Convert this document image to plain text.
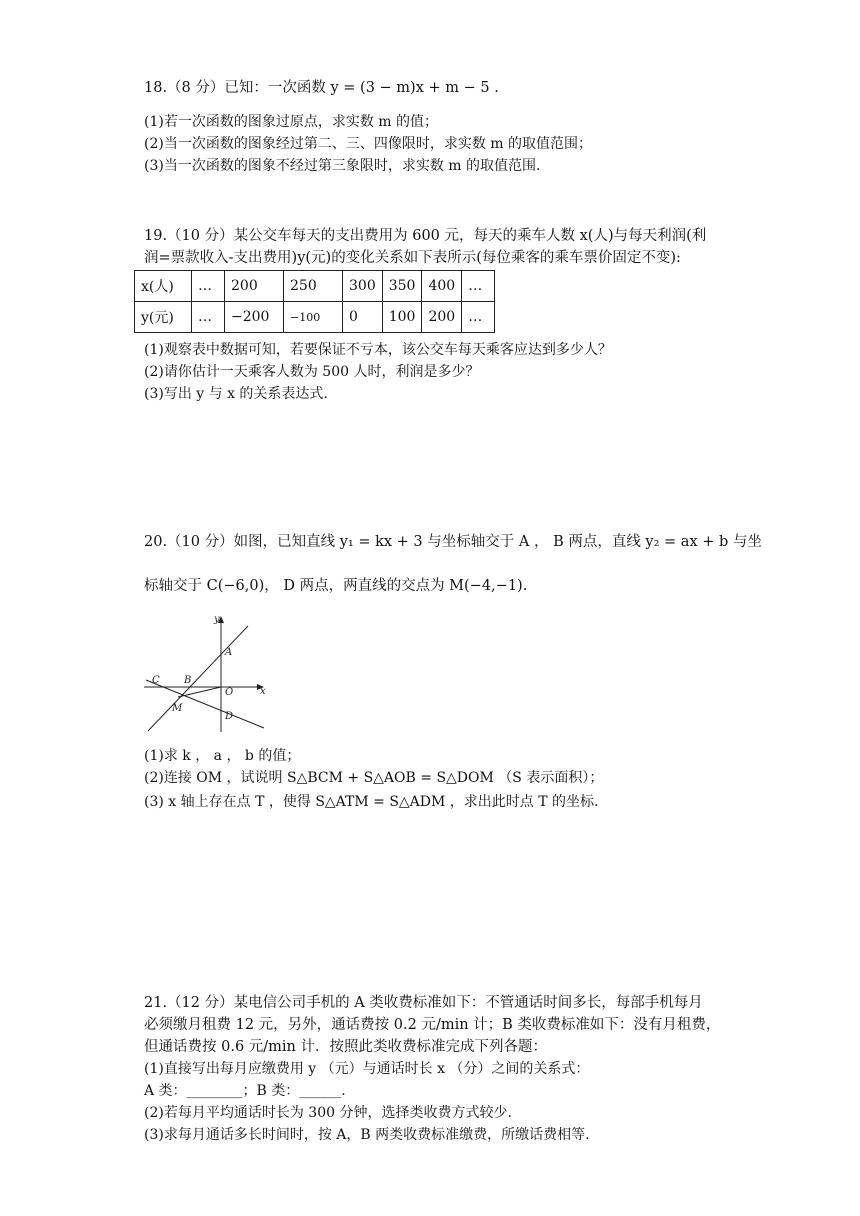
18.（8 分）已知：一次函数 y = (3 − m)x + m − 5 .
(1)若一次函数的图象过原点，求实数 m 的值；
(2)当一次函数的图象经过第二、三、四像限时，求实数 m 的取值范围；
(3)当一次函数的图象不经过第三象限时，求实数 m 的取值范围.
19.（10 分）某公交车每天的支出费用为 600 元，每天的乘车人数 x(人)与每天利润(利
润=票款收入-支出费用)y(元)的变化关系如下表所示(每位乘客的乘车票价固定不变):
x(人)	…	200	250	300	350	400	…
y(元)	…	−200	−100	0	100	200	…
(1)观察表中数据可知，若要保证不亏本，该公交车每天乘客应达到多少人？
(2)请你估计一天乘客人数为 500 人时，利润是多少？
(3)写出 y 与 x 的关系表达式.
20.（10 分）如图，已知直线 y₁ = kx + 3 与坐标轴交于 A ， B 两点，直线 y₂ = ax + b 与坐
标轴交于 C(−6,0)， D 两点，两直线的交点为 M(−4,−1).
y
x
A
B
C
O
D
M
(1)求 k ， a ， b 的值；
(2)连接 OM ，试说明 S△BCM + S△AOB = S△DOM （S 表示面积）；
(3) x 轴上存在点 T ，使得 S△ATM = S△ADM ，求出此时点 T 的坐标.
21.（12 分）某电信公司手机的 A 类收费标准如下：不管通话时间多长，每部手机每月
必须缴月租费 12 元，另外，通话费按 0.2 元/min 计；B 类收费标准如下：没有月租费，
但通话费按 0.6 元/min 计．按照此类收费标准完成下列各题：
(1)直接写出每月应缴费用 y （元）与通话时长 x （分）之间的关系式：
A 类：________；B 类：______.
(2)若每月平均通话时长为 300 分钟，选择类收费方式较少.
(3)求每月通话多长时间时，按 A，B 两类收费标准缴费，所缴话费相等.
